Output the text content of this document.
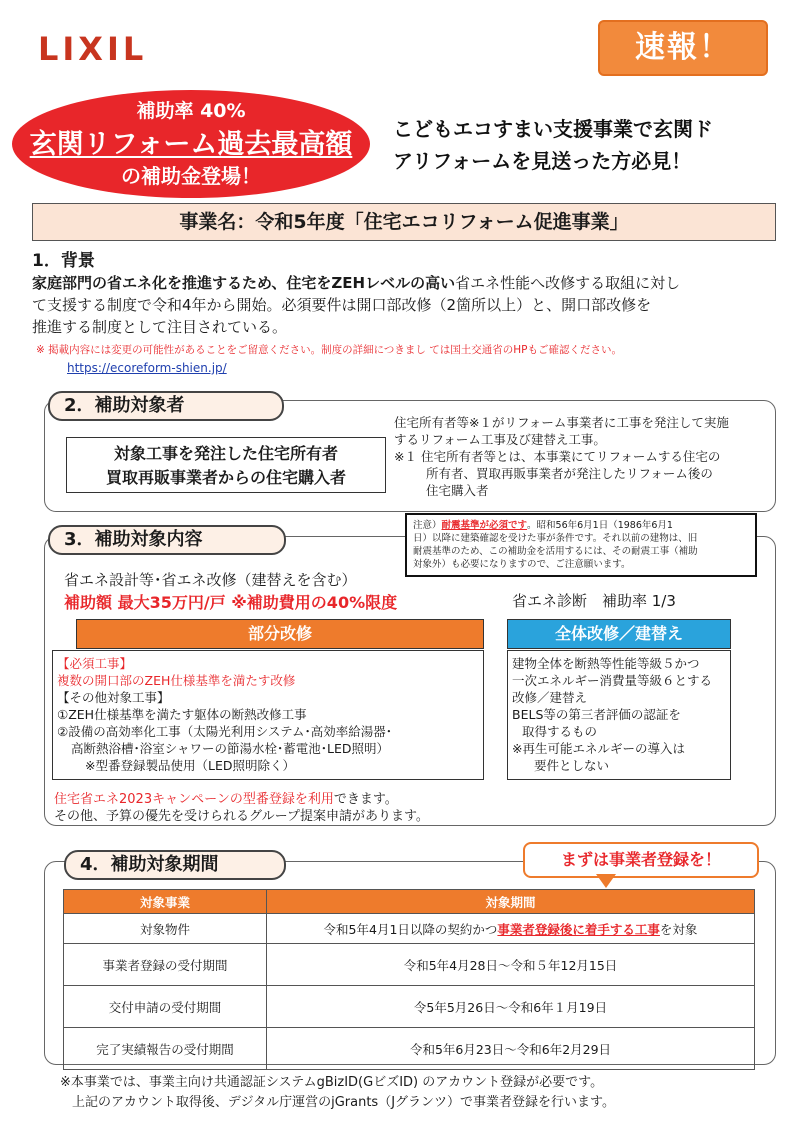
LIXIL	速報！
補助率 40%
玄関リフォーム過去最高額
の補助金登場！
こどもエコすまい支援事業で玄関ド
アリフォームを見送った方必見！
事業名：令和5年度「住宅エコリフォーム促進事業」
1．背景
家庭部門の省エネ化を推進するため、住宅をZEHレベルの高い省エネ性能へ改修する取組に対し
て支援する制度で令和4年から開始。必須要件は開口部改修（2箇所以上）と、開口部改修を
推進する制度として注目されている。
※ 掲載内容には変更の可能性があることをご留意ください。制度の詳細につきまし ては国土交通省のHPもご確認ください。
https://ecoreform-shien.jp/
2．補助対象者
対象工事を発注した住宅所有者
買取再販事業者からの住宅購入者
住宅所有者等※１がリフォーム事業者に工事を発注して実施
するリフォーム工事及び建替え工事。
※１ 住宅所有者等とは、本事業にてリフォームする住宅の
所有者、買取再販事業者が発注したリフォーム後の
住宅購入者
3．補助対象内容
注意）耐震基準が必須です。昭和56年6月1日（1986年6月1
日）以降に建築確認を受けた事が条件です。それ以前の建物は、旧
耐震基準のため、この補助金を活用するには、その耐震工事（補助
対象外）も必要になりますので、ご注意願います。
省エネ設計等･省エネ改修（建替えを含む）
補助額 最大35万円/戸 ※補助費用の40%限度	省エネ診断　補助率 1/3
部分改修
【必須工事】
複数の開口部のZEH仕様基準を満たす改修
【その他対象工事】
①ZEH仕様基準を満たす躯体の断熱改修工事
②設備の高効率化工事（太陽光利用システム･高効率給湯器･
高断熱浴槽･浴室シャワーの節湯水栓･蓄電池･LED照明）
※型番登録製品使用（LED照明除く）
全体改修／建替え
建物全体を断熱等性能等級５かつ
一次エネルギー消費量等級６とする
改修／建替え
BELS等の第三者評価の認証を
取得するもの
※再生可能エネルギーの導入は
要件としない
住宅省エネ2023キャンペーンの型番登録を利用できます。
その他、予算の優先を受けられるグループ提案申請があります。
4．補助対象期間	まずは事業者登録を！
対象事業	対象期間
対象物件	令和5年4月1日以降の契約かつ事業者登録後に着手する工事を対象
事業者登録の受付期間	令和5年4月28日～令和５年12月15日
交付申請の受付期間	令5年5月26日～令和6年１月19日
完了実績報告の受付期間	令和5年6月23日～令和6年2月29日
※本事業では、事業主向け共通認証システムgBizID(GビズID) のアカウント登録が必要です。
上記のアカウント取得後、デジタル庁運営のjGrants（Jグランツ）で事業者登録を行います。
